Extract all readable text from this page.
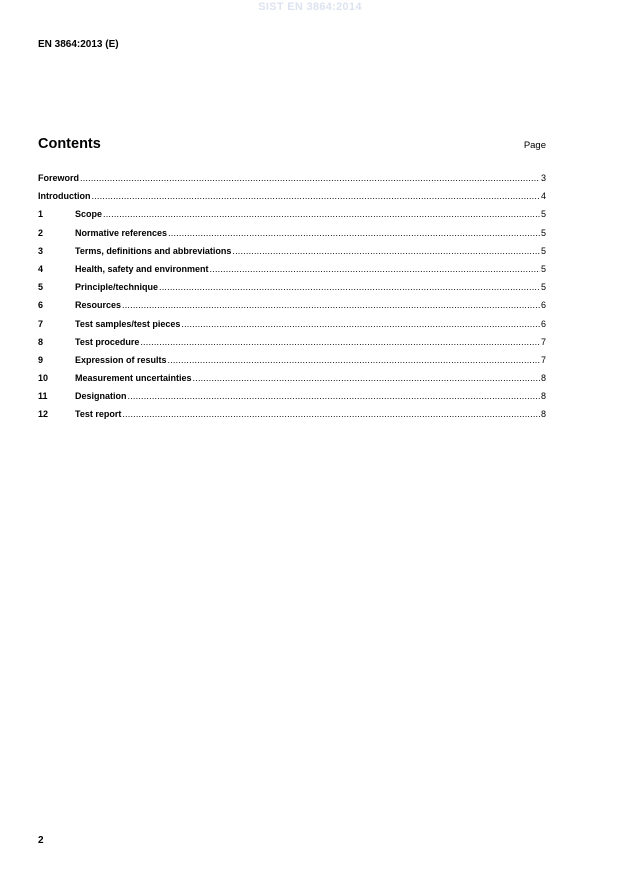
SIST EN 3864:2014
EN 3864:2013 (E)
Contents	Page
Foreword .....	3
Introduction .....	4
1	Scope .....	5
2	Normative references .....	5
3	Terms, definitions and abbreviations .....	5
4	Health, safety and environment .....	5
5	Principle/technique .....	5
6	Resources .....	6
7	Test samples/test pieces .....	6
8	Test procedure .....	7
9	Expression of results .....	7
10	Measurement uncertainties .....	8
11	Designation .....	8
12	Test report .....	8
2
